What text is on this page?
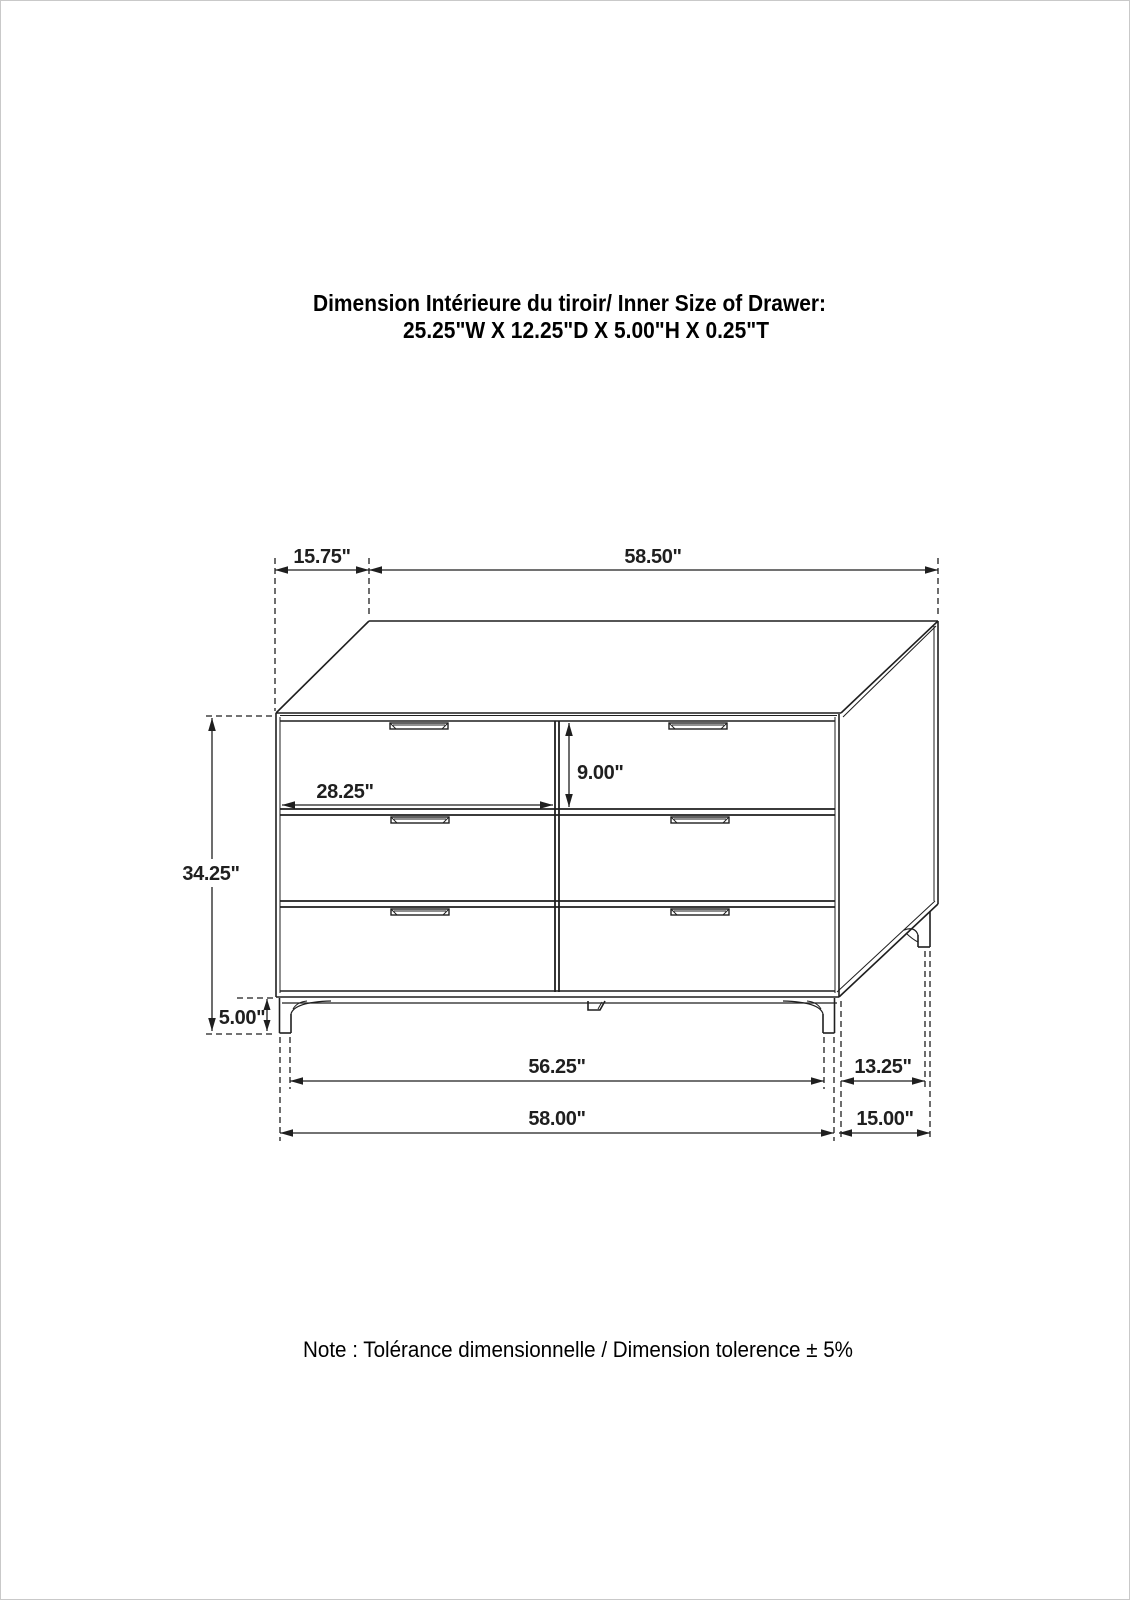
Dimension Intérieure du tiroir/ Inner Size of Drawer:
25.25"W X 12.25"D X 5.00"H X 0.25"T
15.75"	58.50"
28.25"
9.00"
34.25"
5.00"
56.25"	13.25"
58.00"	15.00"
Note : Tolérance dimensionnelle / Dimension tolerence ± 5%
